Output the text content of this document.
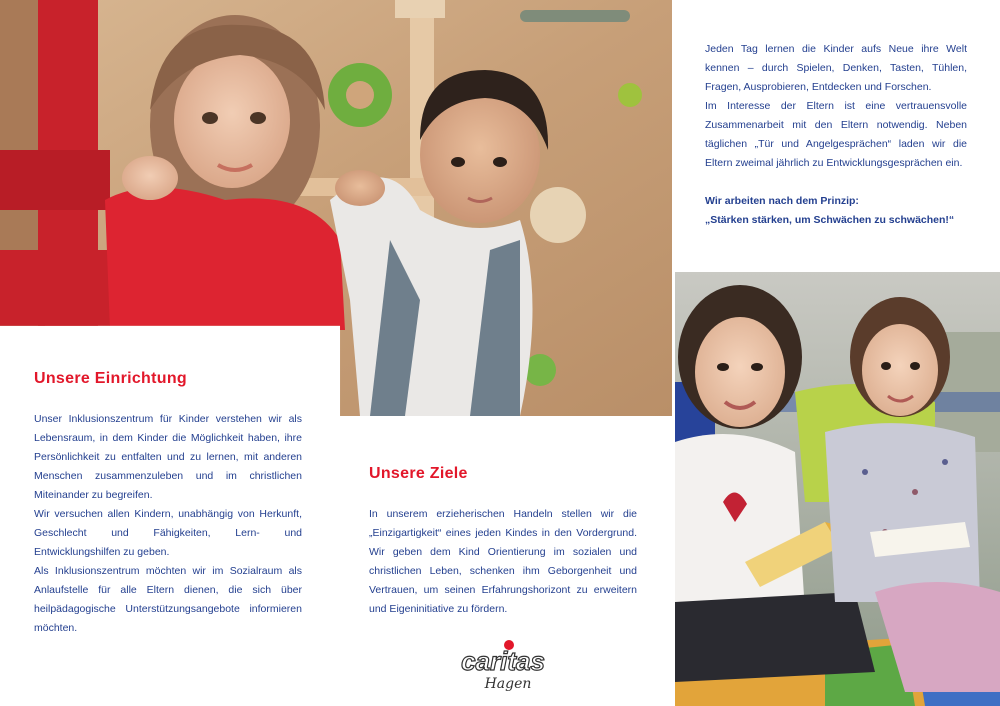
Unsere Einrichtung

Unser Inklusionszentrum für Kinder verstehen wir als Lebensraum, in dem Kinder die Möglichkeit haben, ihre Persönlichkeit zu entfalten und zu lernen, mit anderen Menschen zusammenzuleben und im christlichen Miteinander zu begreifen.

Wir versuchen allen Kindern, unabhängig von Herkunft, Geschlecht und Fähigkeiten, Lern- und Entwicklungshilfen zu geben.

Als Inklusionszentrum möchten wir im Sozialraum als Anlaufstelle für alle Eltern dienen, die sich über heilpädagogische Unterstützungsangebote informieren möchten.

Unsere Ziele

In unserem erzieherischen Handeln stellen wir die „Einzigartigkeit“ eines jeden Kindes in den Vordergrund. Wir geben dem Kind Orientierung im sozialen und christlichen Leben, schenken ihm Geborgenheit und Vertrauen, um seinen Erfahrungshorizont zu erweitern und Eigeninitiative zu fördern.

Jeden Tag lernen die Kinder aufs Neue ihre Welt kennen – durch Spielen, Denken, Tasten, Tühlen, Fragen, Ausprobieren, Entdecken und Forschen.

Im Interesse der Eltern ist eine vertrauensvolle Zusammenarbeit mit den Eltern notwendig. Neben täglichen „Tür und Angelgesprächen“ laden wir die Eltern zweimal jährlich zu Entwicklungsgesprächen ein.

Wir arbeiten nach dem Prinzip:
„Stärken stärken, um Schwächen zu schwächen!“

caritas
Hagen
